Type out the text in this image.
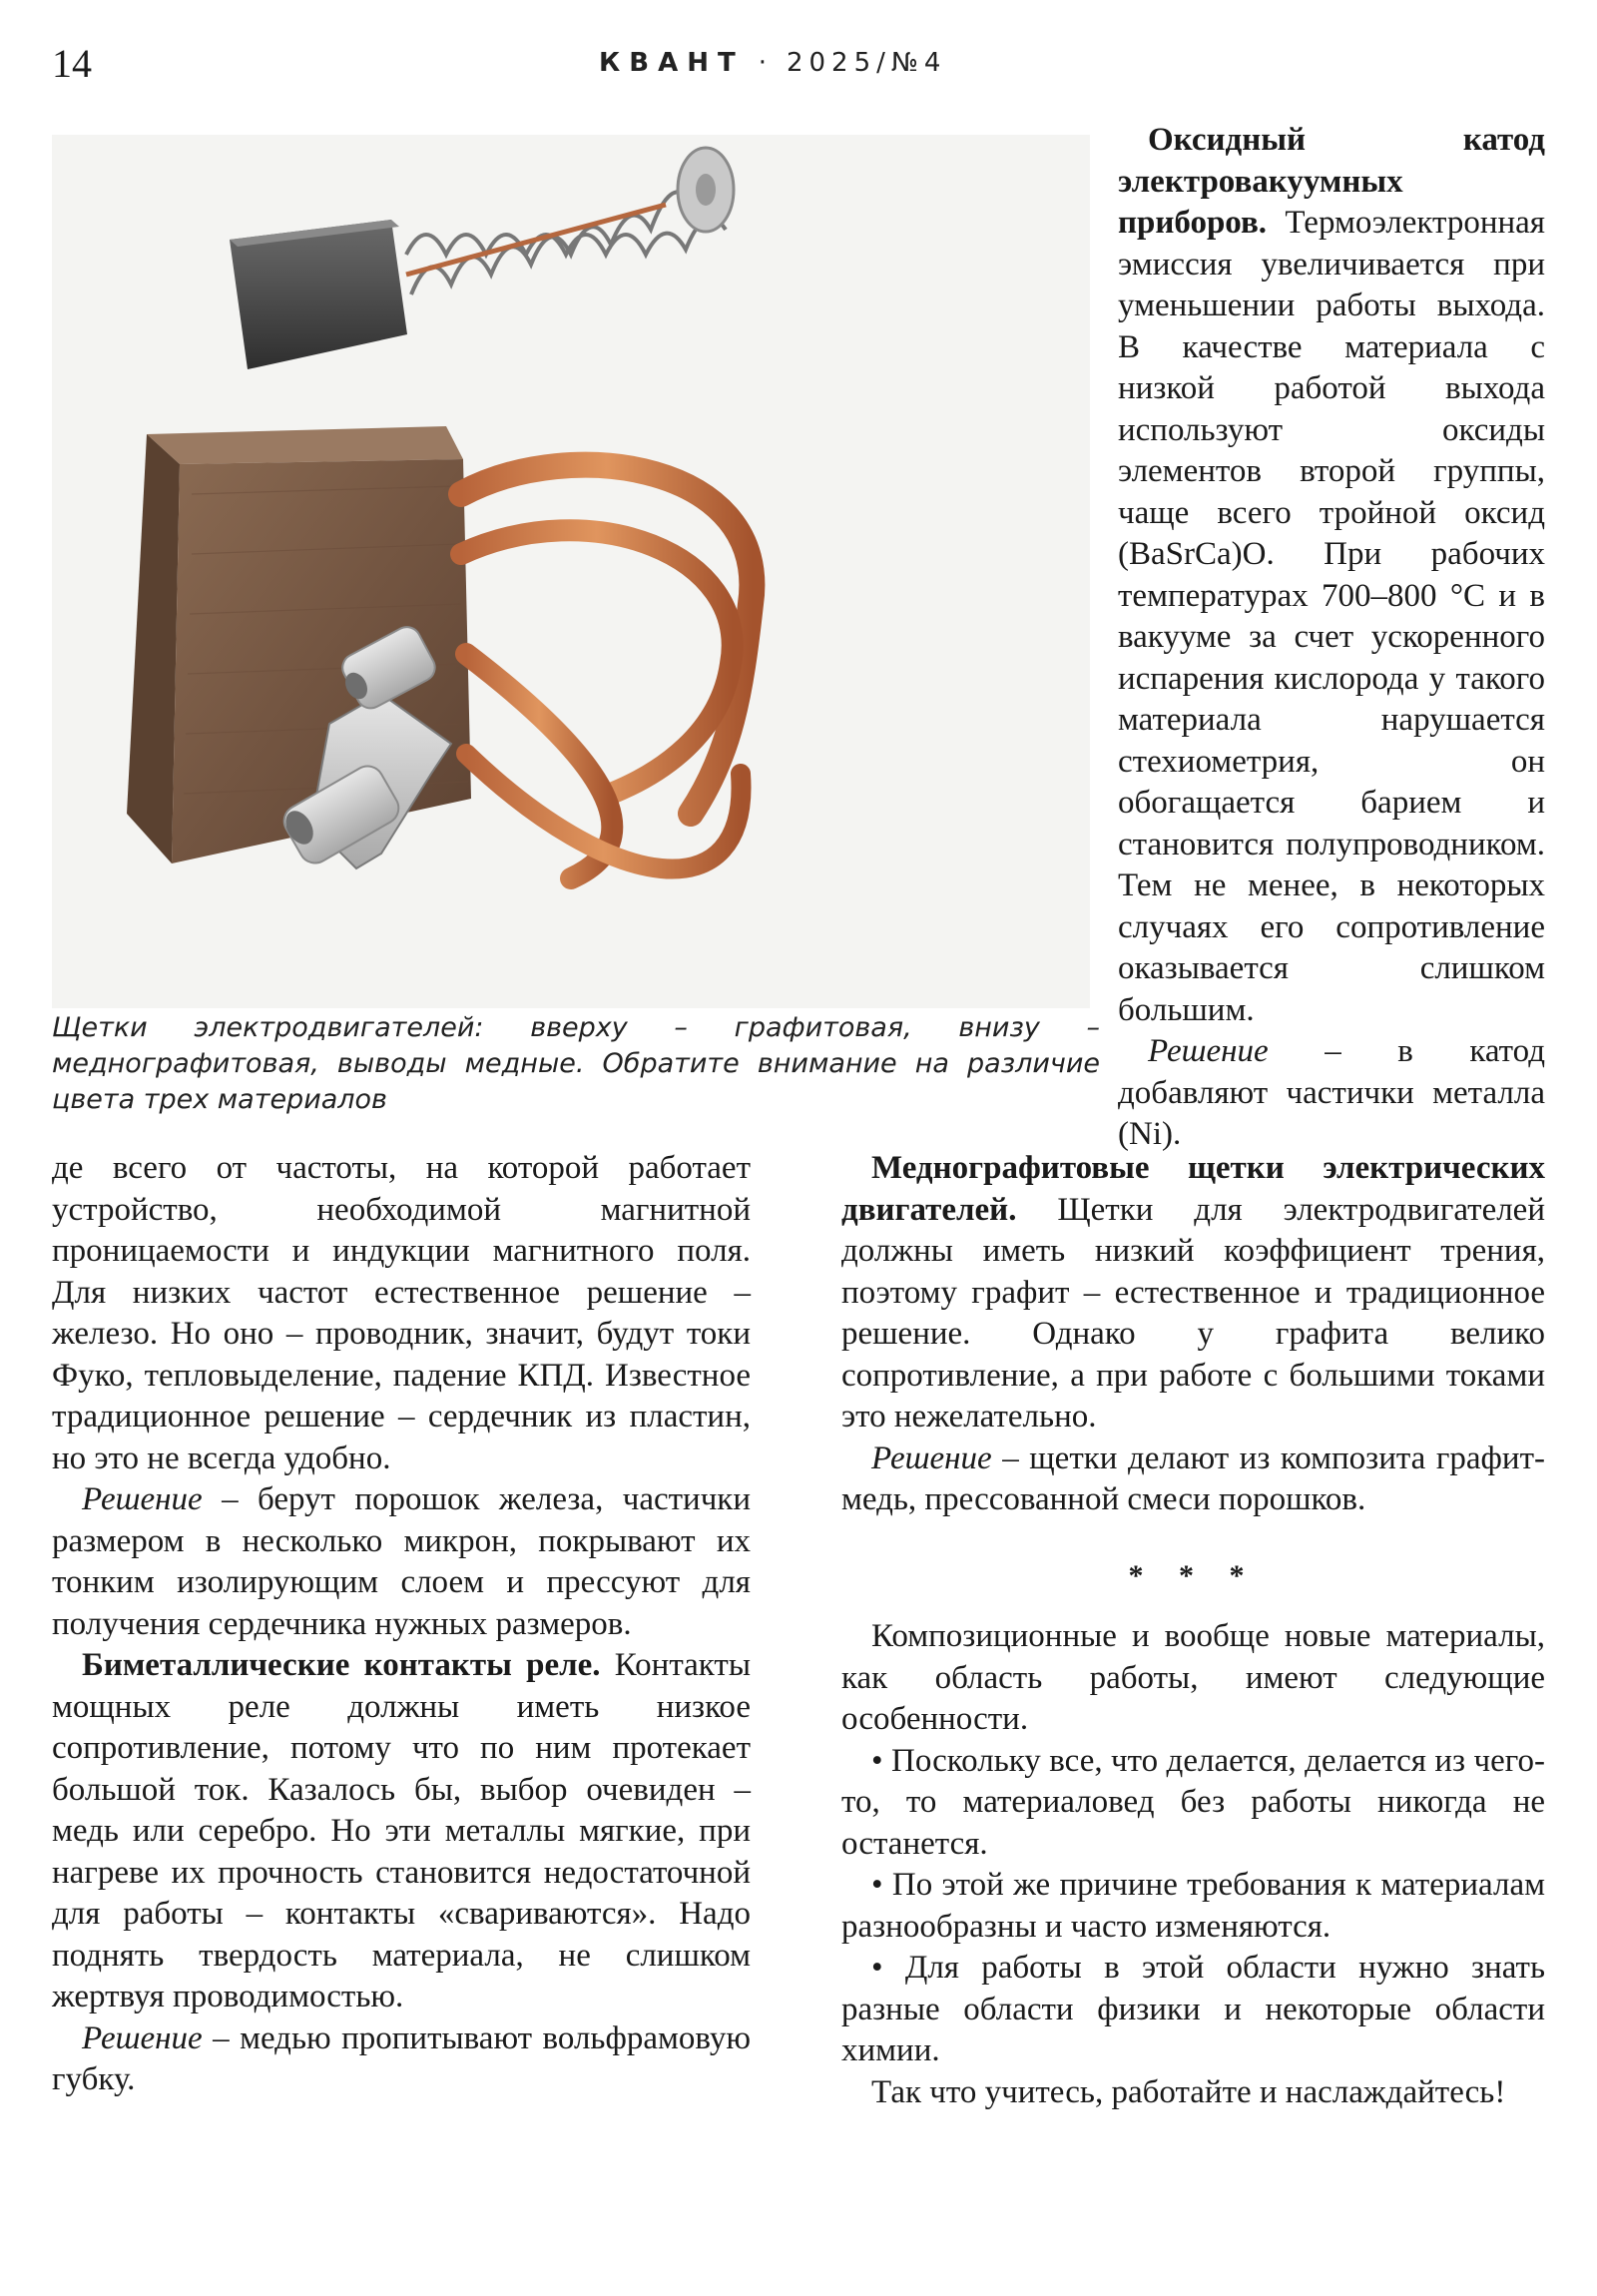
14	КВАНТ · 2025/№4
Щетки электродвигателей: вверху – графитовая, внизу – меднографитовая, выводы медные. Обратите внимание на различие цвета трех материалов

Оксидный катод электровакуумных приборов. Термоэлектронная эмиссия увеличивается при уменьшении работы выхода. В качестве материала с низкой работой выхода используют оксиды элементов второй группы, чаще всего тройной оксид (BaSrCa)O. При рабочих температурах 700–800 °С и в вакууме за счет ускоренного испарения кислорода у такого материала нарушается стехиометрия, он обогащается барием и становится полупроводником. Тем не менее, в некоторых случаях его сопротивление оказывается слишком большим.

Решение – в катод добавляют частички металла (Ni).

де всего от частоты, на которой работает устройство, необходимой магнитной проницаемости и индукции магнитного поля. Для низких частот естественное решение – железо. Но оно – проводник, значит, будут токи Фуко, тепловыделение, падение КПД. Известное традиционное решение – сердечник из пластин, но это не всегда удобно.

Решение – берут порошок железа, частички размером в несколько микрон, покрывают их тонким изолирующим слоем и прессуют для получения сердечника нужных размеров.

Биметаллические контакты реле. Контакты мощных реле должны иметь низкое сопротивление, потому что по ним протекает большой ток. Казалось бы, выбор очевиден – медь или серебро. Но эти металлы мягкие, при нагреве их прочность становится недостаточной для работы – контакты «свариваются». Надо поднять твердость материала, не слишком жертвуя проводимостью.

Решение – медью пропитывают вольфрамовую губку.

Меднографитовые щетки электрических двигателей. Щетки для электродвигателей должны иметь низкий коэффициент трения, поэтому графит – естественное и традиционное решение. Однако у графита велико сопротивление, а при работе с большими токами это нежелательно.

Решение – щетки делают из композита графит-медь, прессованной смеси порошков.

* * *

Композиционные и вообще новые материалы, как область работы, имеют следующие особенности.

• Поскольку все, что делается, делается из чего-то, то материаловед без работы никогда не останется.

• По этой же причине требования к материалам разнообразны и часто изменяются.

• Для работы в этой области нужно знать разные области физики и некоторые области химии.

Так что учитесь, работайте и наслаждайтесь!
